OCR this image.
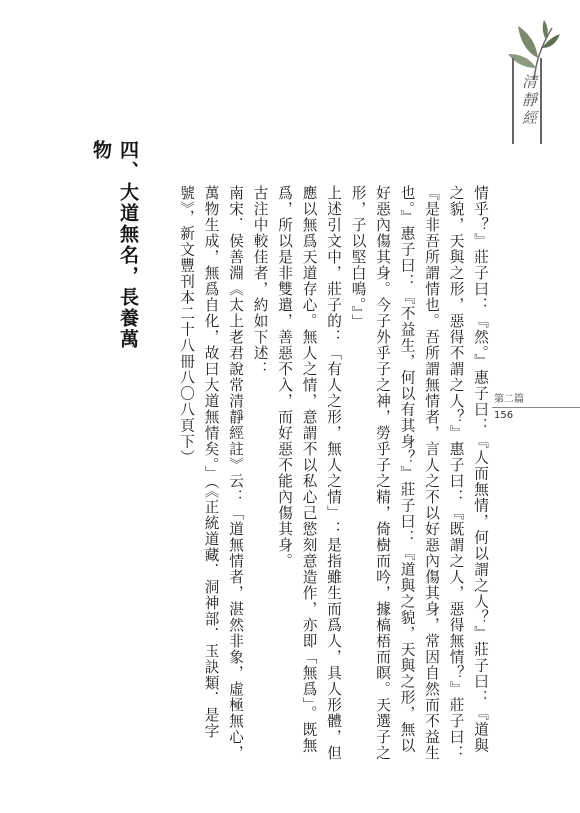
清靜經
第二篇
156

情乎？』莊子曰：『然。』惠子曰：『人而無情，何以謂之人？』莊子曰：『道與之貌，天與之形，惡得不謂之人？』惠子曰：『既謂之人，惡得無情？』莊子曰：『是非吾所謂情也。吾所謂無情者，言人之不以好惡內傷其身，常因自然而不益生也。』惠子曰：『不益生，何以有其身？』莊子曰：『道與之貌，天與之形，無以好惡內傷其身。今子外乎子之神，勞乎子之精，倚樹而吟，據槁梧而瞑。天選子之形，子以堅白鳴。』」

上述引文中，莊子的：「有人之形，無人之情」：是指雖生而爲人，具人形體，但應以無爲天道存心。無人之情，意謂不以私心己慾刻意造作，亦即「無爲」。既無爲，所以是非雙遣，善惡不入，而好惡不能內傷其身。

古注中較佳者，約如下述：

南宋．侯善淵《太上老君說常清靜經註》云：「道無情者，湛然非象，虛極無心，萬物生成，無爲自化，故曰大道無情矣。」（《正統道藏．洞神部．玉訣類．是字號》，新文豐刊本二十八冊八〇八頁下）

四、大道無名，長養萬物
